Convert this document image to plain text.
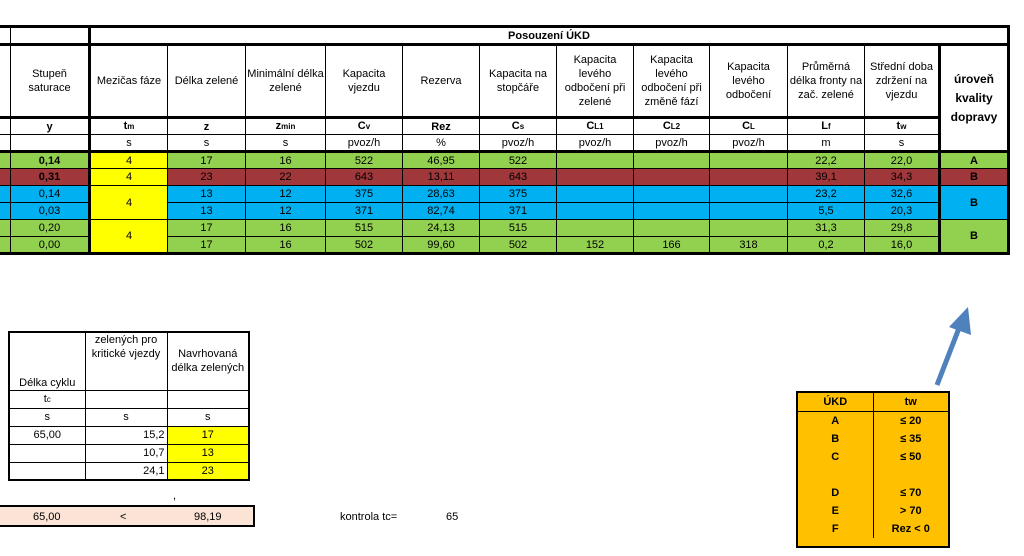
		Posouzení ÚKD											
	Stupeň saturace	Mezičas fáze	Délka zelené	Minimální délka zelené	Kapacita vjezdu	Rezerva	Kapacita na stopčáře	Kapacita levého odbočení při zelené	Kapacita levého odbočení při změně fází	Kapacita levého odbočení	Průměrná délka fronty na zač. zelené	Střední doba zdržení na vjezdu	úroveň kvality dopravy
	y	tm	z	zmin	Cv	Rez	Cs	CL1	CL2	CL	Lf	tw	
		s	s	s	pvoz/h	%	pvoz/h	pvoz/h	pvoz/h	pvoz/h	m	s	
	0,14	4	17	16	522	46,95	522				22,2	22,0	A
	0,31	4	23	22	643	13,11	643				39,1	34,3	B
	0,14	4	13	12	375	28,63	375				23,2	32,6	B
	0,03		13	12	371	82,74	371				5,5	20,3	
	0,20	4	17	16	515	24,13	515				31,3	29,8	B
	0,00		17	16	502	99,60	502	152	166	318	0,2	16,0	
Délka cyklu	zelených pro kritické vjezdy	Navrhovaná délka zelených
tc		
s	s	s
65,00	15,2	17
	10,7	13
	24,1	23
,
65,00	<	98,19	kontrola tc=	65
ÚKD	tw
A	≤ 20
B	≤ 35
C	≤ 50

D	≤ 70
E	> 70
F	Rez < 0
